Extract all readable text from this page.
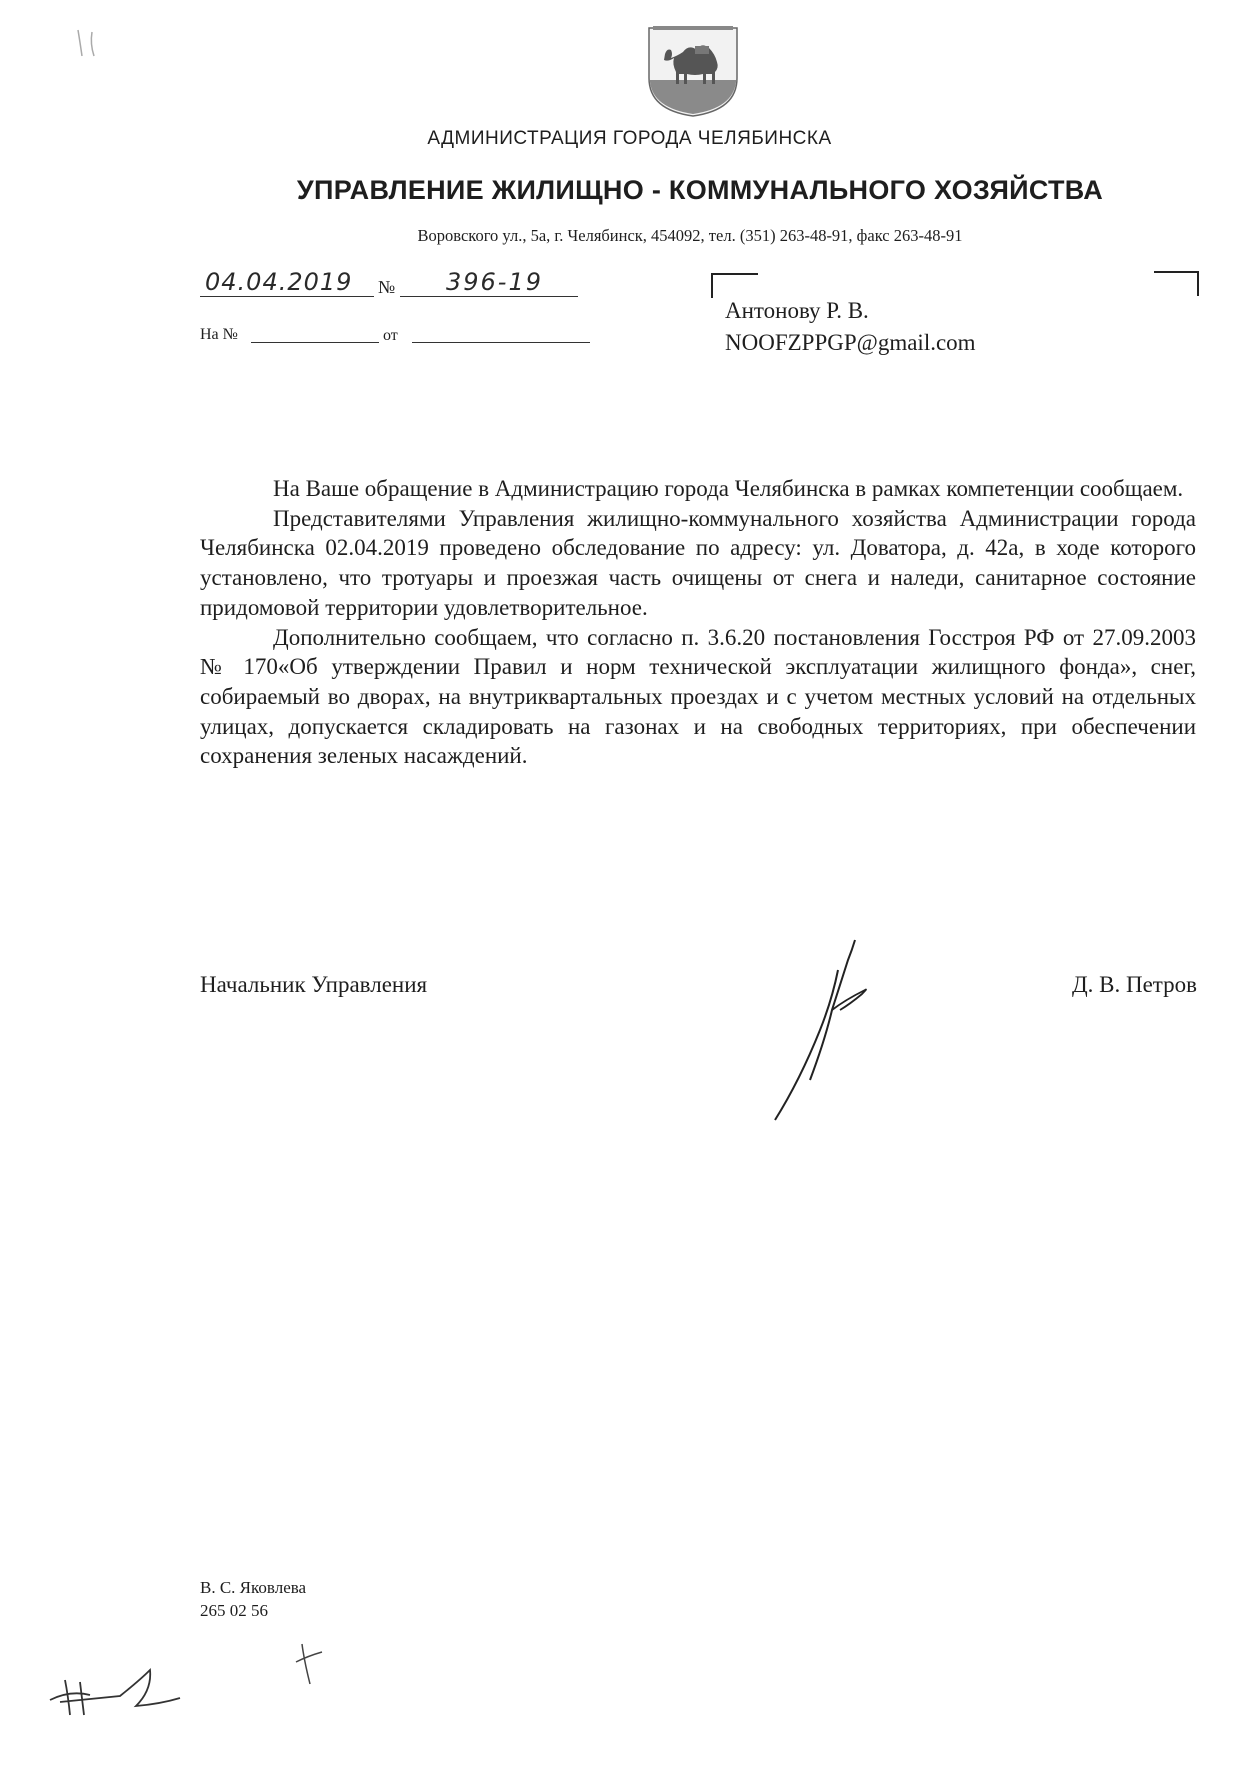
АДМИНИСТРАЦИЯ ГОРОДА ЧЕЛЯБИНСКА
УПРАВЛЕНИЕ ЖИЛИЩНО - КОММУНАЛЬНОГО ХОЗЯЙСТВА
Воровского ул., 5а, г. Челябинск, 454092, тел. (351) 263-48-91, факс 263-48-91
04.04.2019 № 396-19
На №	от
Антонову Р. В.
NOOFZPPGP@gmail.com

На Ваше обращение в Администрацию города Челябинска в рамках компетенции сообщаем.

Представителями Управления жилищно-коммунального хозяйства Администрации города Челябинска 02.04.2019 проведено обследование по адресу: ул. Доватора, д. 42а, в ходе которого установлено, что тротуары и проезжая часть очищены от снега и наледи, санитарное состояние придомовой территории удовлетворительное.

Дополнительно сообщаем, что согласно п. 3.6.20 постановления Госстроя РФ от 27.09.2003 № 170«Об утверждении Правил и норм технической эксплуатации жилищного фонда», снег, собираемый во дворах, на внутриквартальных проездах и с учетом местных условий на отдельных улицах, допускается складировать на газонах и на свободных территориях, при обеспечении сохранения зеленых насаждений.

Начальник Управления	Д. В. Петров
В. С. Яковлева
265 02 56
